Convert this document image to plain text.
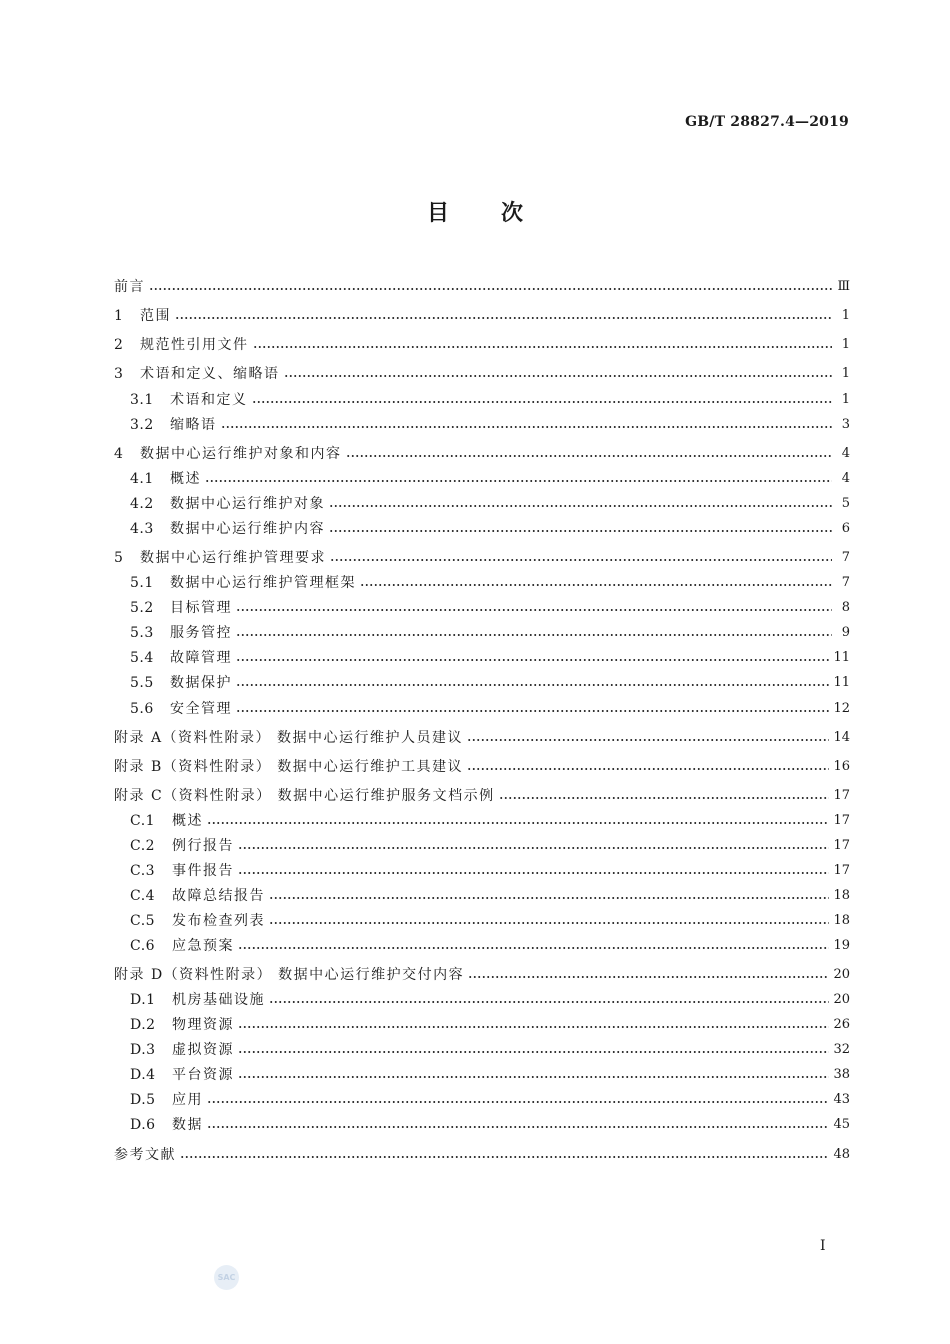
GB/T 28827.4—2019
目 次
前言	Ⅲ
1	范围	1
2	规范性引用文件	1
3	术语和定义、缩略语	1
3.1	术语和定义	1
3.2	缩略语	3
4	数据中心运行维护对象和内容	4
4.1	概述	4
4.2	数据中心运行维护对象	5
4.3	数据中心运行维护内容	6
5	数据中心运行维护管理要求	7
5.1	数据中心运行维护管理框架	7
5.2	目标管理	8
5.3	服务管控	9
5.4	故障管理	11
5.5	数据保护	11
5.6	安全管理	12
附录 A（资料性附录） 数据中心运行维护人员建议	14
附录 B（资料性附录） 数据中心运行维护工具建议	16
附录 C（资料性附录） 数据中心运行维护服务文档示例	17
C.1	概述	17
C.2	例行报告	17
C.3	事件报告	17
C.4	故障总结报告	18
C.5	发布检查列表	18
C.6	应急预案	19
附录 D（资料性附录） 数据中心运行维护交付内容	20
D.1	机房基础设施	20
D.2	物理资源	26
D.3	虚拟资源	32
D.4	平台资源	38
D.5	应用	43
D.6	数据	45
参考文献	48
I
SAC
